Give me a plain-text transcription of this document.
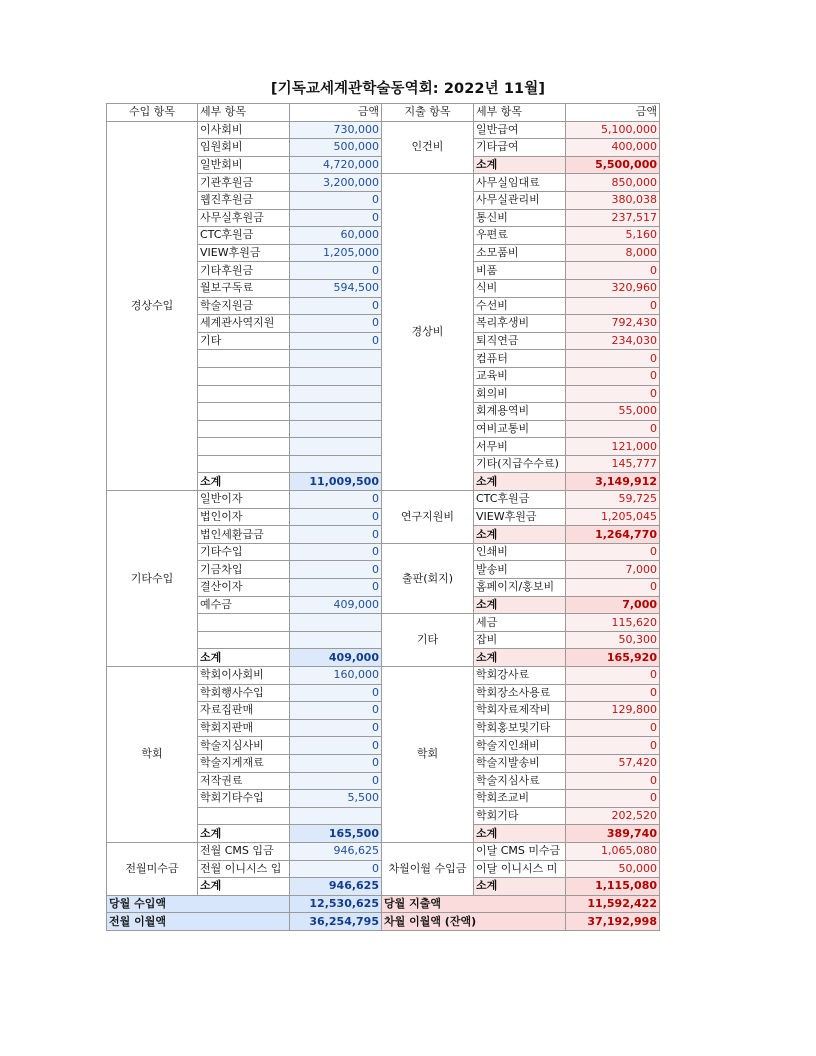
[기독교세계관학술동역회: 2022년 11월]
수입 항목	세부 항목	금액	지출 항목	세부 항목	금액
경상수입	이사회비	730,000	인건비	일반급여	5,100,000
	임원회비	500,000		기타급여	400,000
	일반회비	4,720,000		소계	5,500,000
	기관후원금	3,200,000	경상비	사무실임대료	850,000
	웹진후원금	0		사무실관리비	380,038
	사무실후원금	0		통신비	237,517
	CTC후원금	60,000		우편료	5,160
	VIEW후원금	1,205,000		소모품비	8,000
	기타후원금	0		비품	0
	월보구독료	594,500		식비	320,960
	학술지원금	0		수선비	0
	세계관사역지원	0		복리후생비	792,430
	기타	0		퇴직연금	234,030
				컴퓨터	0
				교육비	0
				회의비	0
				회계용역비	55,000
				여비교통비	0
				서무비	121,000
				기타(지급수수료)	145,777
	소계	11,009,500		소계	3,149,912
기타수입	일반이자	0	연구지원비	CTC후원금	59,725
	법인이자	0		VIEW후원금	1,205,045
	법인세환급금	0		소계	1,264,770
	기타수입	0	출판(회지)	인쇄비	0
	기금차입	0		발송비	7,000
	결산이자	0		홈페이지/홍보비	0
	예수금	409,000		소계	7,000
			기타	세금	115,620
				잡비	50,300
	소계	409,000		소계	165,920
학회	학회이사회비	160,000	학회	학회강사료	0
	학회행사수입	0		학회장소사용료	0
	자료집판매	0		학회자료제작비	129,800
	학회지판매	0		학회홍보및기타	0
	학술지심사비	0		학술지인쇄비	0
	학술지게재료	0		학술지발송비	57,420
	저작권료	0		학술지심사료	0
	학회기타수입	5,500		학회조교비	0
				학회기타	202,520
	소계	165,500		소계	389,740
전월미수금	전월 CMS 입금	946,625	차월이월 수입금	이달 CMS 미수금	1,065,080
	전월 이니시스 입	0		이달 이니시스 미	50,000
	소계	946,625		소계	1,115,080
당월 수입액		12,530,625	당월 지출액		11,592,422
전월 이월액		36,254,795	차월 이월액 (잔액)		37,192,998
